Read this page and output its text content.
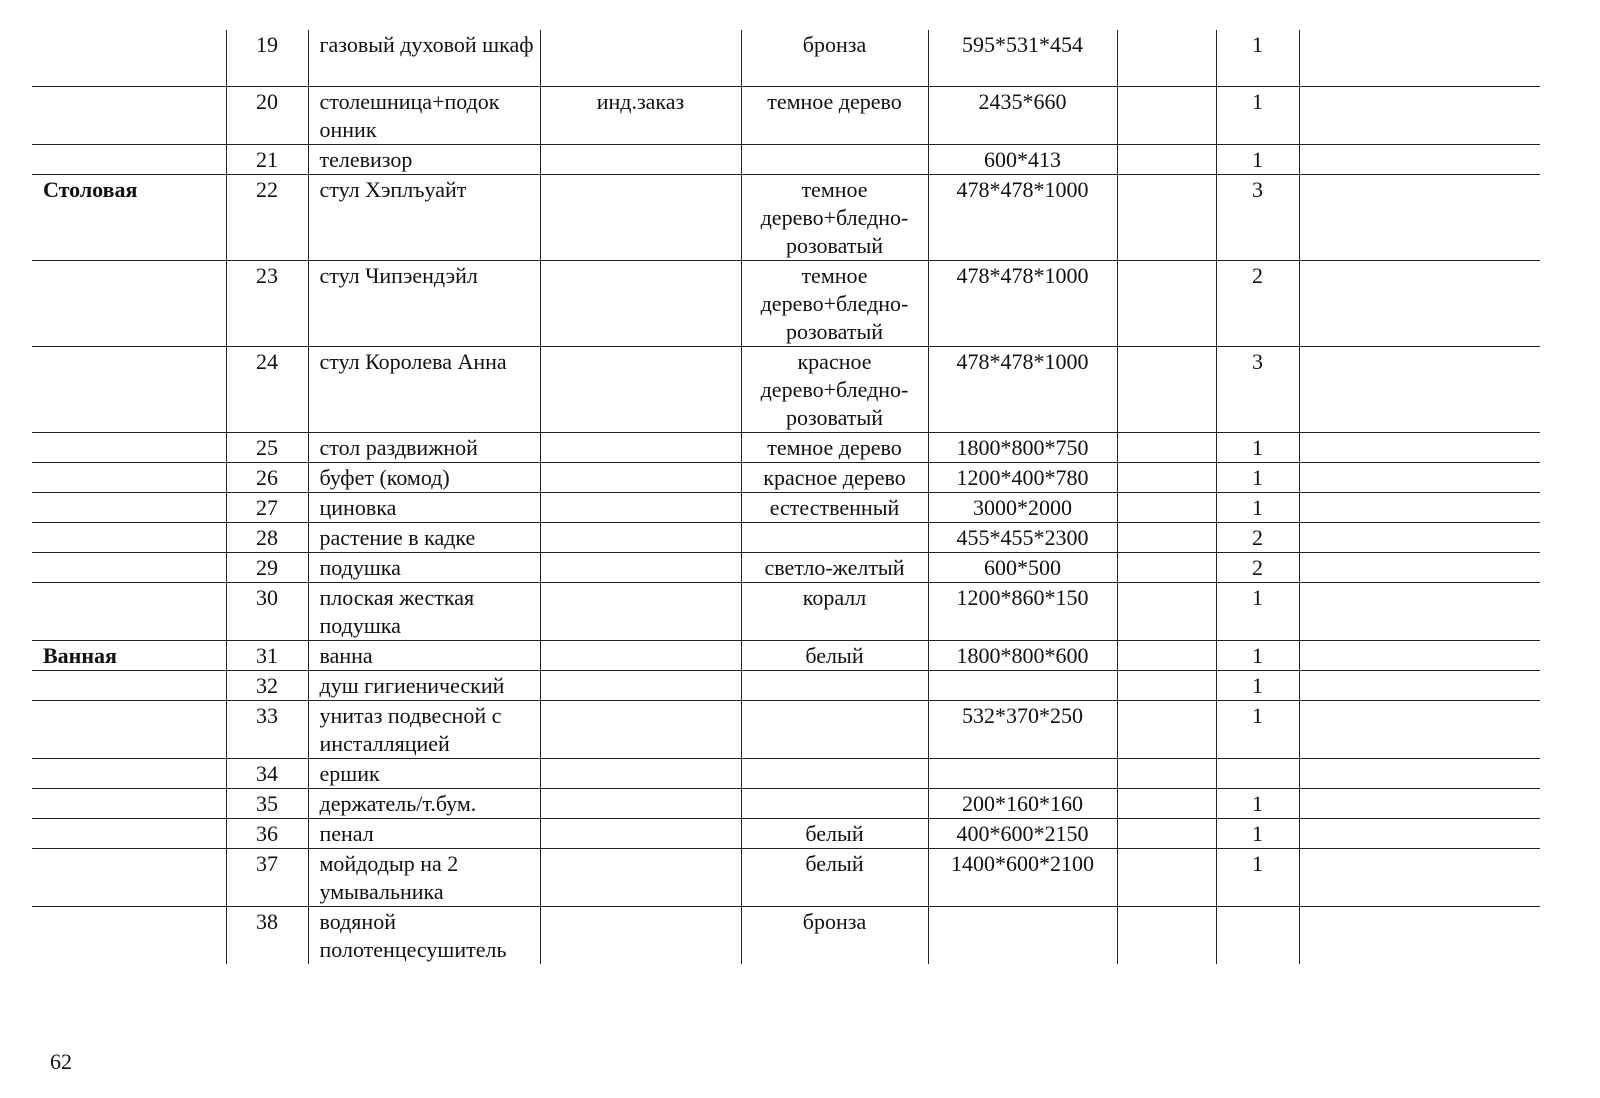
	19	газовый духовой шкаф		бронза	595*531*454		1	
	20	столешница+подок онник	инд.заказ	темное дерево	2435*660		1	
	21	телевизор			600*413		1	
Столовая	22	стул Хэплъуайт		темное дерево+бледно-розоватый	478*478*1000		3	
	23	стул Чипэендэйл		темное дерево+бледно-розоватый	478*478*1000		2	
	24	стул Королева Анна		красное дерево+бледно-розоватый	478*478*1000		3	
	25	стол раздвижной		темное дерево	1800*800*750		1	
	26	буфет (комод)		красное дерево	1200*400*780		1	
	27	циновка		естественный	3000*2000		1	
	28	растение в кадке			455*455*2300		2	
	29	подушка		светло-желтый	600*500		2	
	30	плоская жесткая подушка		коралл	1200*860*150		1	
Ванная	31	ванна		белый	1800*800*600		1	
	32	душ гигиенический					1	
	33	унитаз подвесной с инсталляцией			532*370*250		1	
	34	ершик						
	35	держатель/т.бум.			200*160*160		1	
	36	пенал		белый	400*600*2150		1	
	37	мойдодыр на 2 умывальника		белый	1400*600*2100		1	
	38	водяной полотенцесушитель		бронза				
62
